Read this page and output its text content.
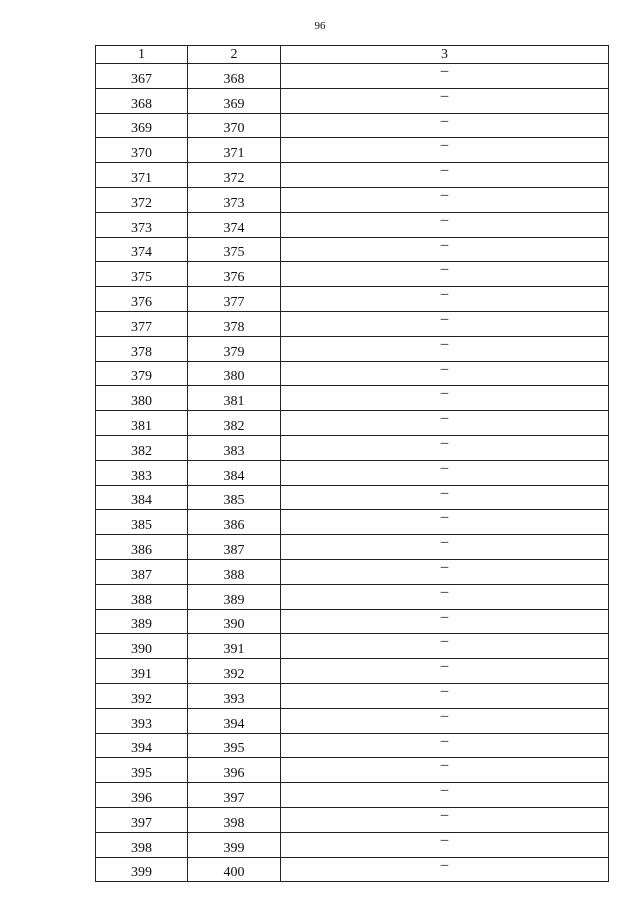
96
1	2	3
367	368	–
368	369	–
369	370	–
370	371	–
371	372	–
372	373	–
373	374	–
374	375	–
375	376	–
376	377	–
377	378	–
378	379	–
379	380	–
380	381	–
381	382	–
382	383	–
383	384	–
384	385	–
385	386	–
386	387	–
387	388	–
388	389	–
389	390	–
390	391	–
391	392	–
392	393	–
393	394	–
394	395	–
395	396	–
396	397	–
397	398	–
398	399	–
399	400	–
